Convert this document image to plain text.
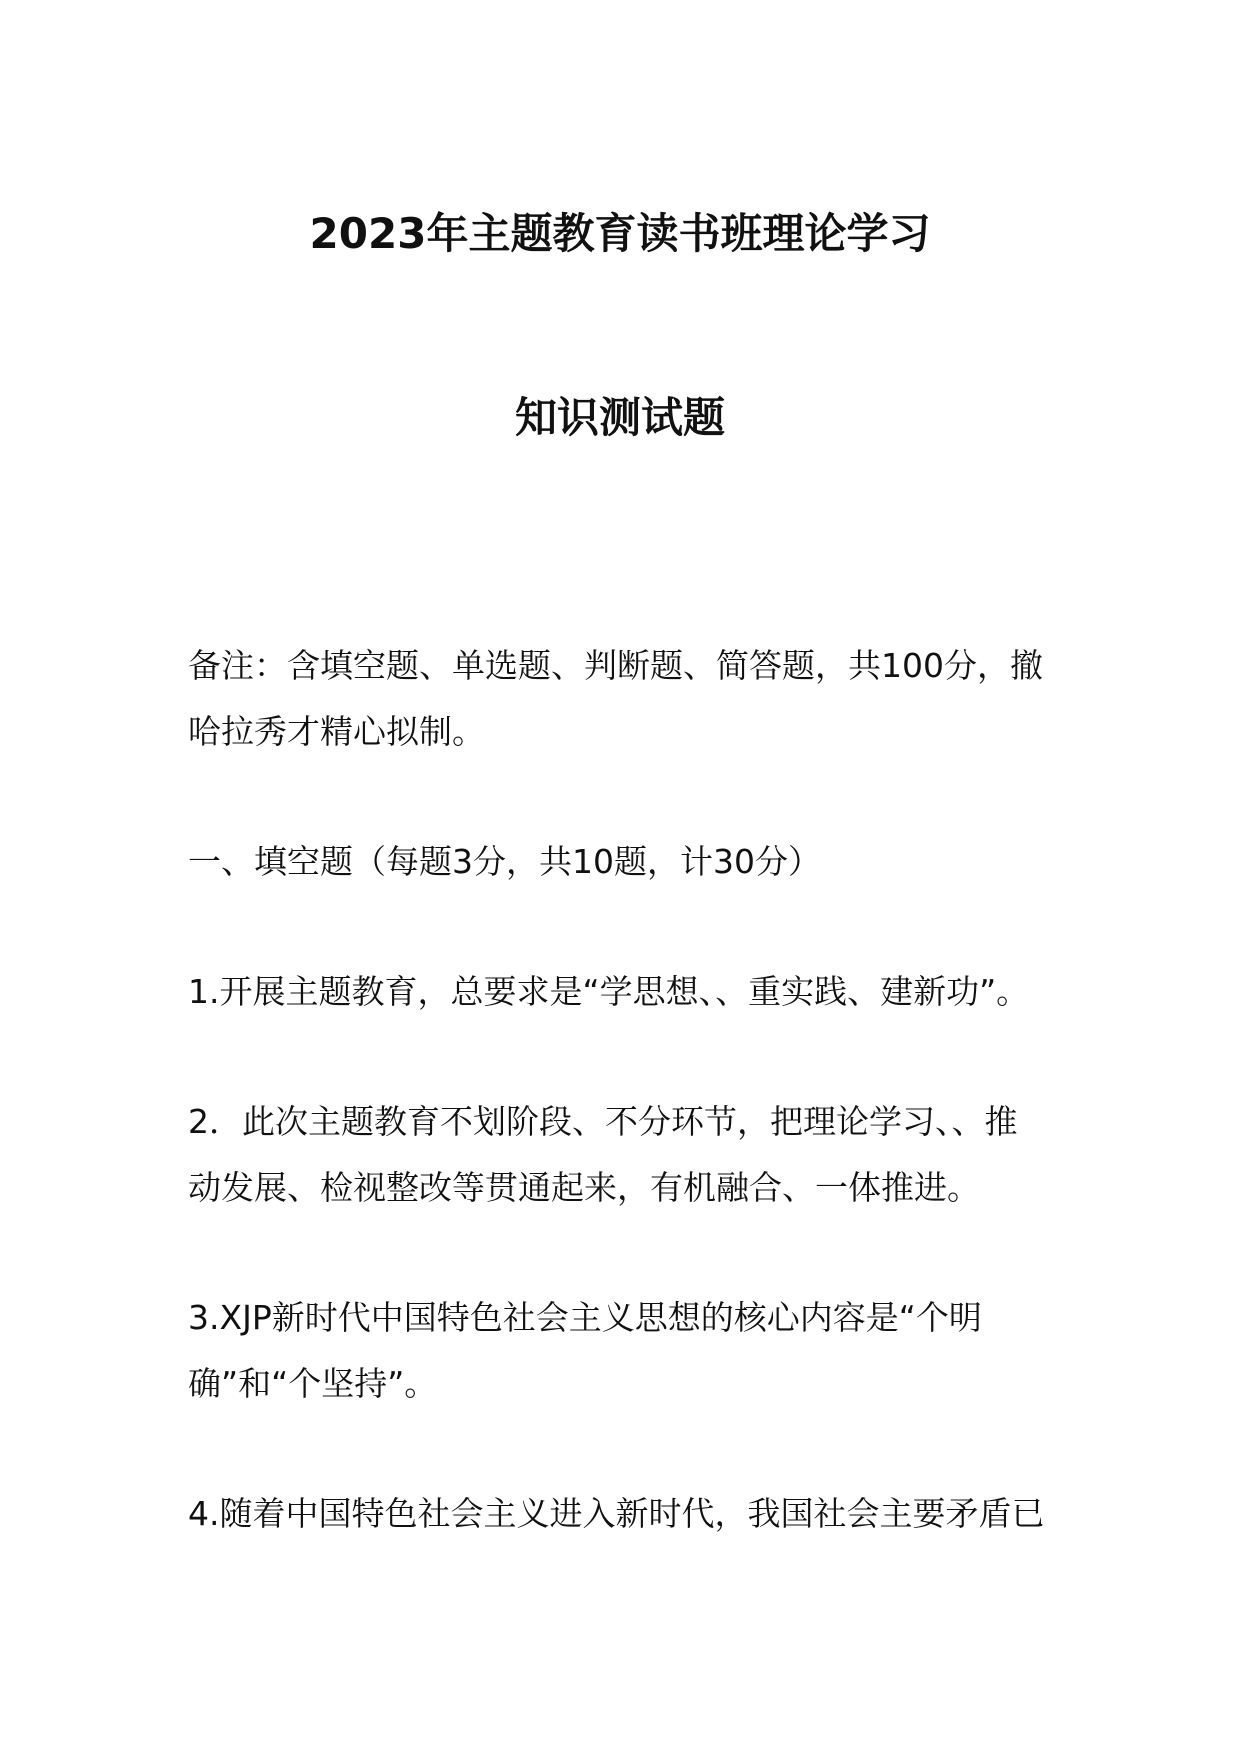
2023年主题教育读书班理论学习
知识测试题
备注：含填空题、单选题、判断题、简答题，共100分，撤
哈拉秀才精心拟制。
一、填空题（每题3分，共10题，计30分）
1.开展主题教育，总要求是“学思想、、重实践、建新功”。
2．此次主题教育不划阶段、不分环节，把理论学习、、推
动发展、检视整改等贯通起来，有机融合、一体推进。
3.XJP新时代中国特色社会主义思想的核心内容是“个明
确”和“个坚持”。
4.随着中国特色社会主义进入新时代，我国社会主要矛盾已
